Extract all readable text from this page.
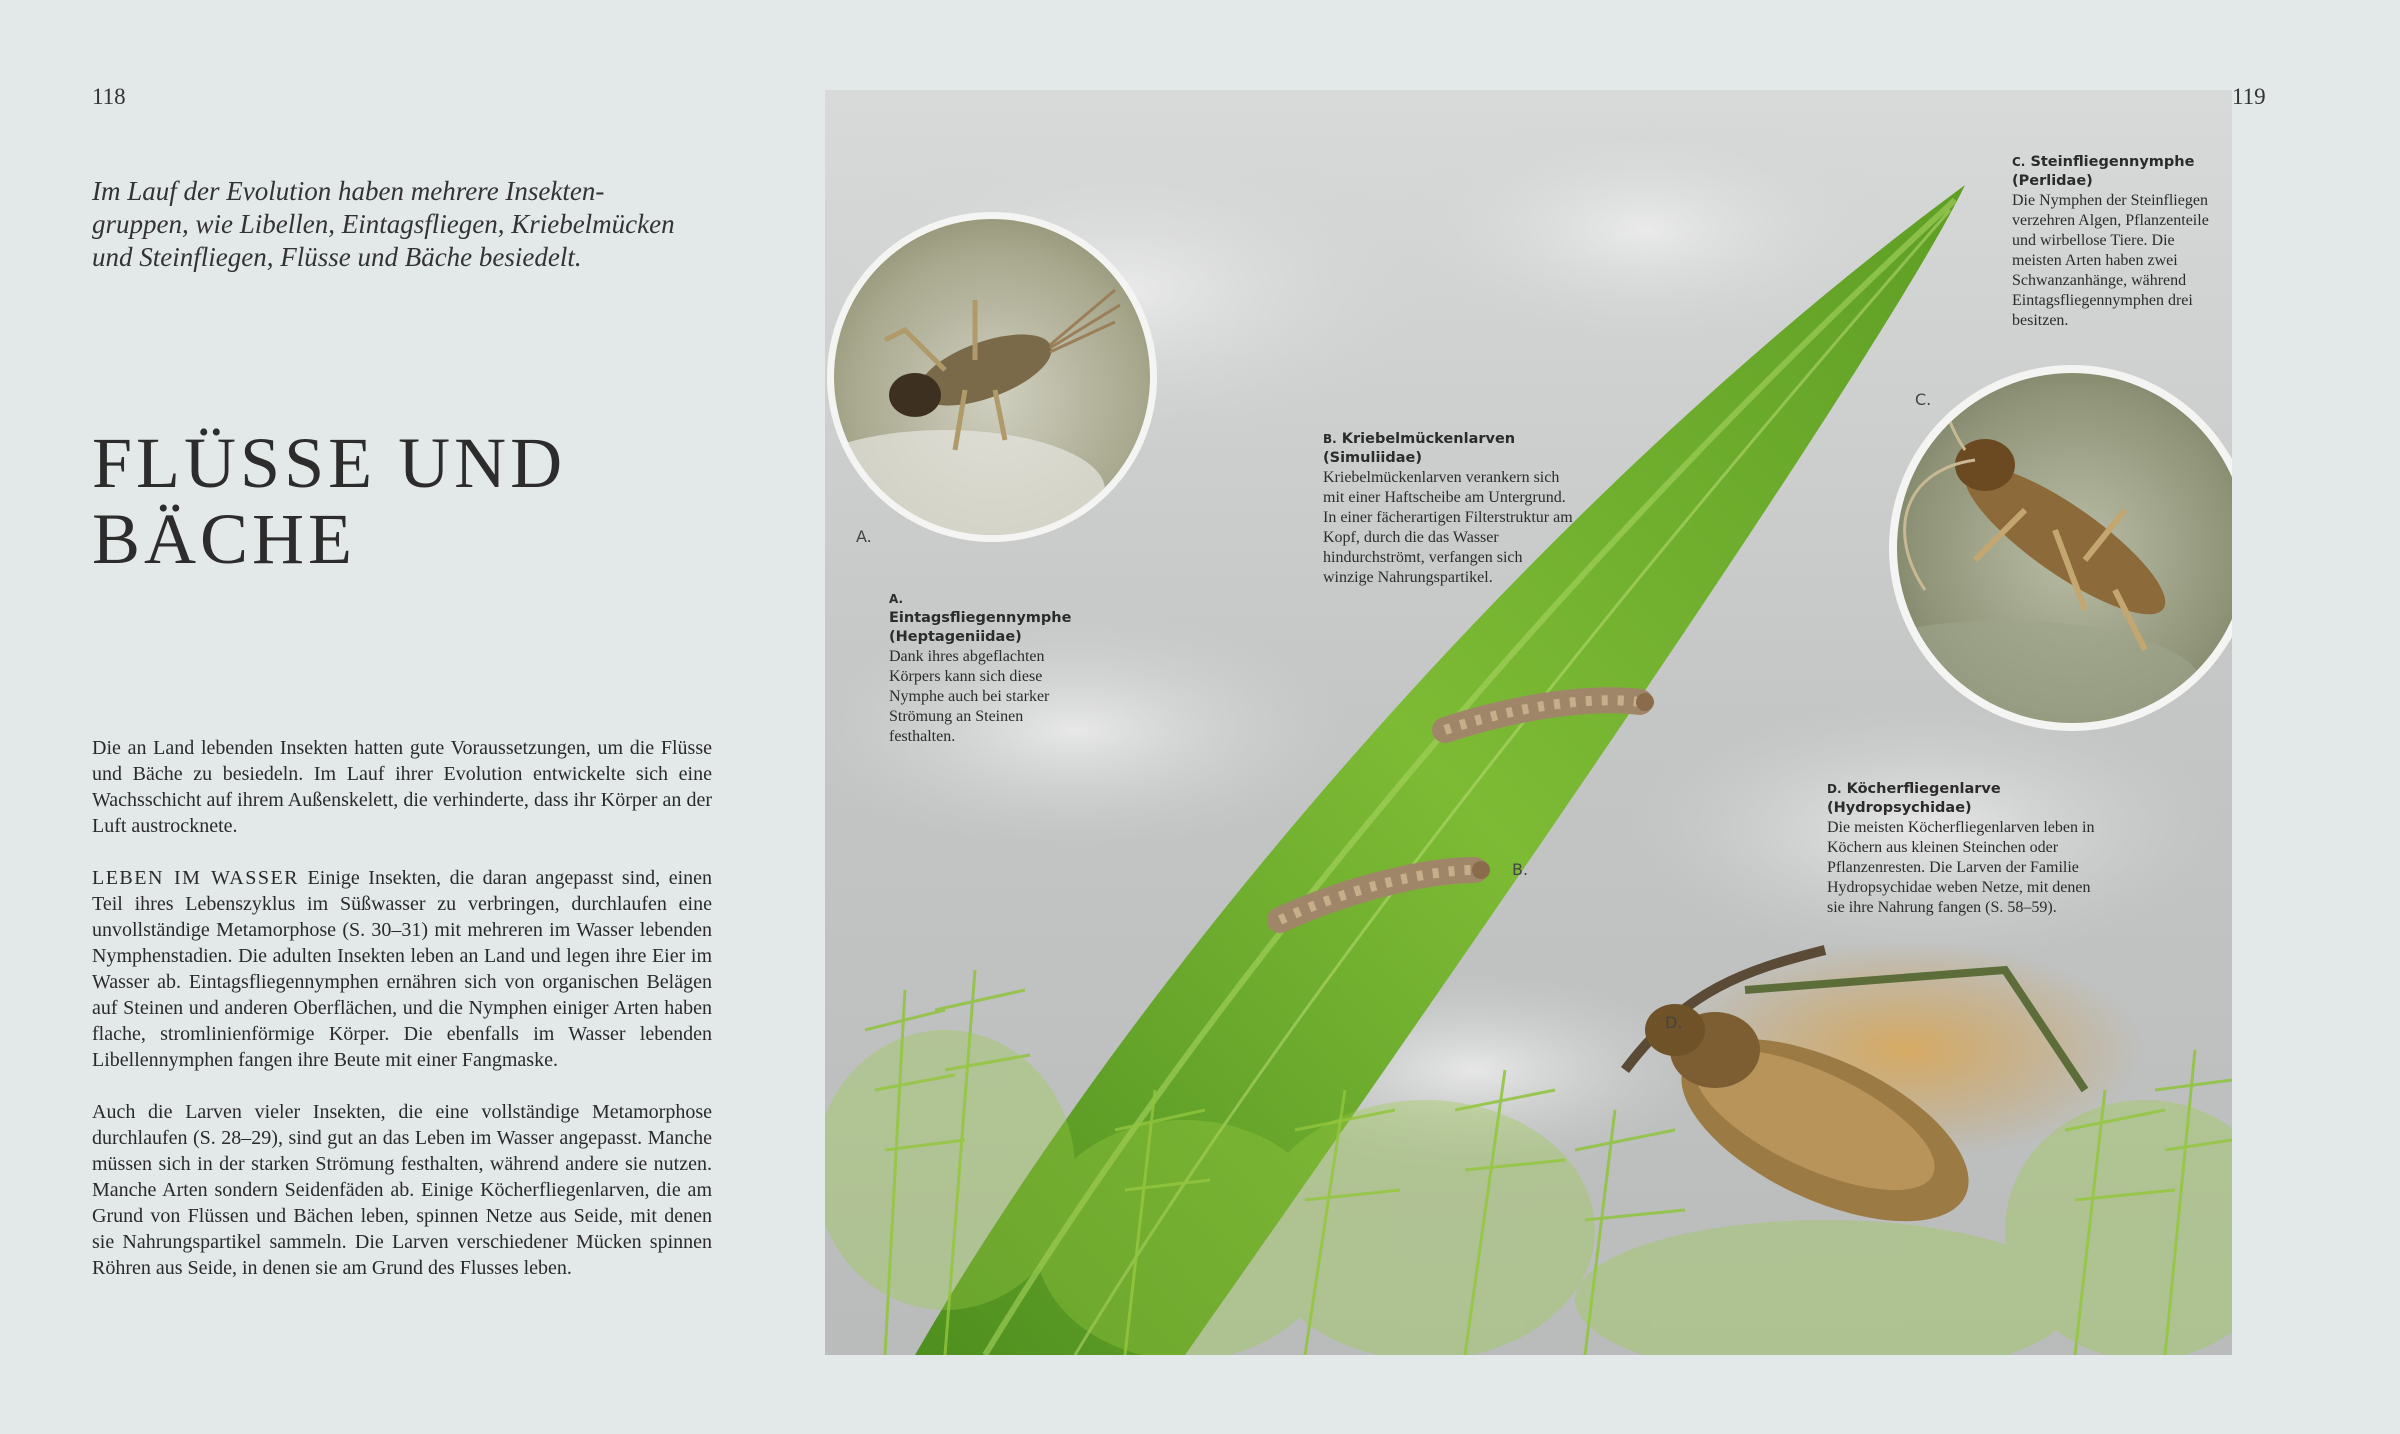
118	119
Im Lauf der Evolution haben mehrere Insekten-
gruppen, wie Libellen, Eintagsfliegen, Kriebelmücken
und Steinfliegen, Flüsse und Bäche besiedelt.
FLÜSSE UND
BÄCHE

Die an Land lebenden Insekten hatten gute Voraussetzungen, um die Flüsse und Bäche zu besiedeln. Im Lauf ihrer Evolution entwickelte sich eine Wachsschicht auf ihrem Außenskelett, die verhinderte, dass ihr Körper an der Luft austrocknete.

LEBEN IM WASSER Einige Insekten, die daran angepasst sind, einen Teil ihres Lebenszyklus im Süßwasser zu verbringen, durchlaufen eine unvollständige Metamorphose (S. 30–31) mit mehreren im Wasser lebenden Nymphenstadien. Die adulten Insekten leben an Land und legen ihre Eier im Wasser ab. Eintagsfliegennymphen ernähren sich von organischen Belägen auf Steinen und anderen Oberflächen, und die Nymphen einiger Arten haben flache, stromlinienförmige Körper. Die ebenfalls im Wasser lebenden Libellennymphen fangen ihre Beute mit einer Fangmaske.

Auch die Larven vieler Insekten, die eine vollständige Metamorphose durchlaufen (S. 28–29), sind gut an das Leben im Wasser angepasst. Manche müssen sich in der starken Strömung festhalten, während andere sie nutzen. Manche Arten sondern Seidenfäden ab. Einige Köcherfliegenlarven, die am Grund von Flüssen und Bächen leben, spinnen Netze aus Seide, mit denen sie Nahrungspartikel sammeln. Die Larven verschiedener Mücken spinnen Röhren aus Seide, in denen sie am Grund des Flusses leben.

A. Eintagsfliegennymphe
(Heptageniidae)
Dank ihres abgeflachten Körpers kann sich diese Nymphe auch bei starker Strömung an Steinen festhalten.
A.
B. Kriebelmückenlarven
(Simuliidae)
Kriebelmückenlarven verankern sich mit einer Haftscheibe am Untergrund. In einer fächerartigen Filterstruktur am Kopf, durch die das Wasser hindurchströmt, verfangen sich winzige Nahrungspartikel.
B.
C. Steinfliegennymphe
(Perlidae)
Die Nymphen der Steinfliegen verzehren Algen, Pflanzenteile und wirbellose Tiere. Die meisten Arten haben zwei Schwanzanhänge, während Eintagsfliegennymphen drei besitzen.
C.
D. Köcherfliegenlarve
(Hydropsychidae)
Die meisten Köcherfliegenlarven leben in Köchern aus kleinen Steinchen oder Pflanzenresten. Die Larven der Familie Hydropsychidae weben Netze, mit denen sie ihre Nahrung fangen (S. 58–59).
D.
